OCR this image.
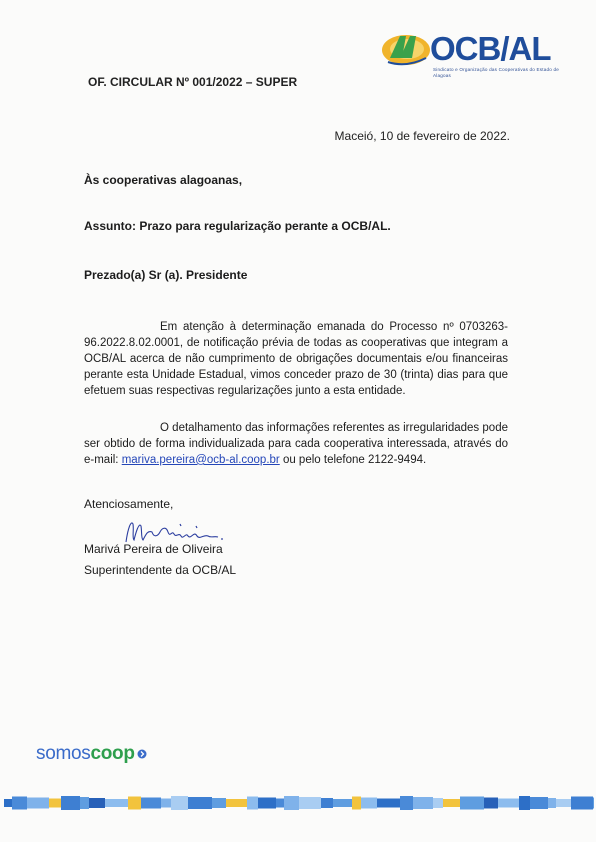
OCB/AL
Sindicato e Organização das Cooperativas do Estado de Alagoas
OF. CIRCULAR Nº 001/2022 – SUPER
Maceió, 10 de fevereiro de 2022.
Às cooperativas alagoanas,
Assunto: Prazo para regularização perante a OCB/AL.
Prezado(a) Sr (a). Presidente

Em atenção à determinação emanada do Processo nº 0703263-96.2022.8.02.0001, de notificação prévia de todas as cooperativas que integram a OCB/AL acerca de não cumprimento de obrigações documentais e/ou financeiras perante esta Unidade Estadual, vimos conceder prazo de 30 (trinta) dias para que efetuem suas respectivas regularizações junto a esta entidade.

O detalhamento das informações referentes as irregularidades pode ser obtido de forma individualizada para cada cooperativa interessada, através do e-mail: mariva.pereira@ocb-al.coop.br ou pelo telefone 2122-9494.

Atenciosamente,
Marivá Pereira de Oliveira
Superintendente da OCB/AL
somoscoop
